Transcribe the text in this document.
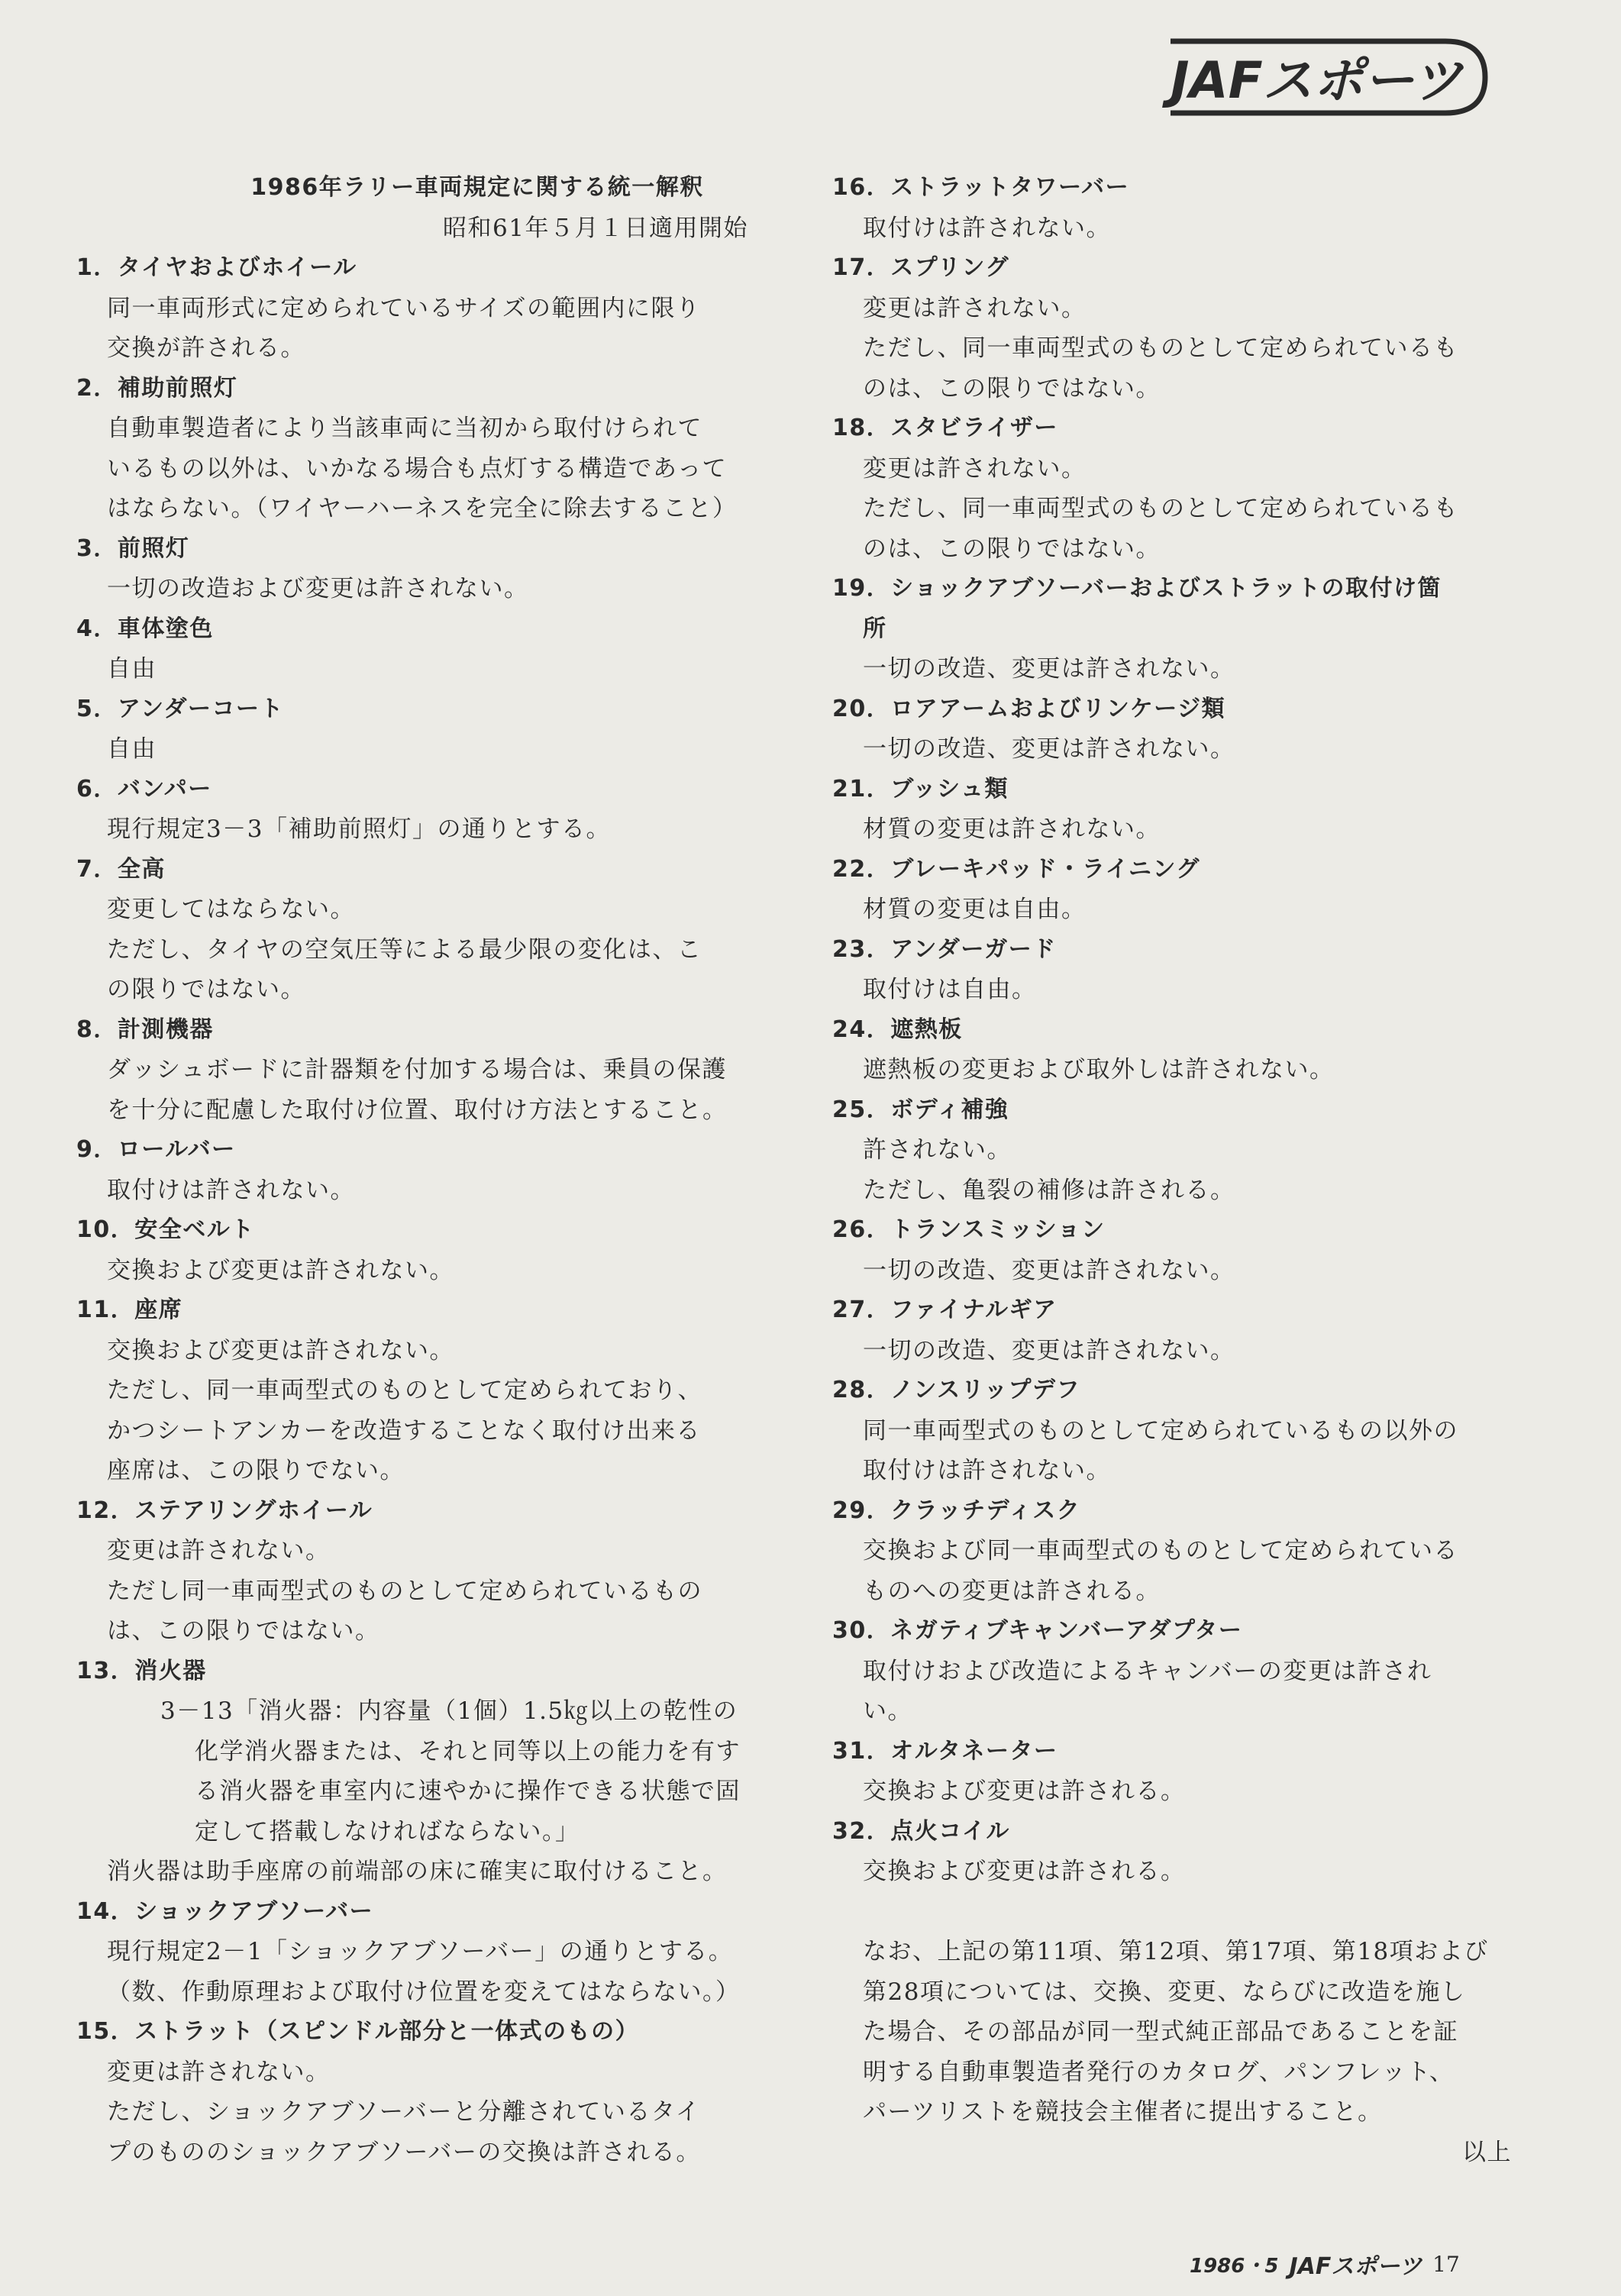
JAFスポーツ
1986年ラリー車両規定に関する統一解釈
昭和61年５月１日適用開始
1．タイヤおよびホイール
同一車両形式に定められているサイズの範囲内に限り
交換が許される。
2．補助前照灯
自動車製造者により当該車両に当初から取付けられて
いるもの以外は、いかなる場合も点灯する構造であって
はならない。（ワイヤーハーネスを完全に除去すること）
3．前照灯
一切の改造および変更は許されない。
4．車体塗色
自由
5．アンダーコート
自由
6．バンパー
現行規定3－3「補助前照灯」の通りとする。
7．全高
変更してはならない。
ただし、タイヤの空気圧等による最少限の変化は、こ
の限りではない。
8．計測機器
ダッシュボードに計器類を付加する場合は、乗員の保護
を十分に配慮した取付け位置、取付け方法とすること。
9．ロールバー
取付けは許されない。
10．安全ベルト
交換および変更は許されない。
11．座席
交換および変更は許されない。
ただし、同一車両型式のものとして定められており、
かつシートアンカーを改造することなく取付け出来る
座席は、この限りでない。
12．ステアリングホイール
変更は許されない。
ただし同一車両型式のものとして定められているもの
は、この限りではない。
13．消火器
3－13「消火器：内容量（1個）1.5㎏以上の乾性の
化学消火器または、それと同等以上の能力を有す
る消火器を車室内に速やかに操作できる状態で固
定して搭載しなければならない。」
消火器は助手座席の前端部の床に確実に取付けること。
14．ショックアブソーバー
現行規定2－1「ショックアブソーバー」の通りとする。
（数、作動原理および取付け位置を変えてはならない。）
15．ストラット（スピンドル部分と一体式のもの）
変更は許されない。
ただし、ショックアブソーバーと分離されているタイ
プのもののショックアブソーバーの交換は許される。
16．ストラットタワーバー
取付けは許されない。
17．スプリング
変更は許されない。
ただし、同一車両型式のものとして定められているも
のは、この限りではない。
18．スタビライザー
変更は許されない。
ただし、同一車両型式のものとして定められているも
のは、この限りではない。
19．ショックアブソーバーおよびストラットの取付け箇
所
一切の改造、変更は許されない。
20．ロアアームおよびリンケージ類
一切の改造、変更は許されない。
21．ブッシュ類
材質の変更は許されない。
22．ブレーキパッド・ライニング
材質の変更は自由。
23．アンダーガード
取付けは自由。
24．遮熱板
遮熱板の変更および取外しは許されない。
25．ボディ補強
許されない。
ただし、亀裂の補修は許される。
26．トランスミッション
一切の改造、変更は許されない。
27．ファイナルギア
一切の改造、変更は許されない。
28．ノンスリップデフ
同一車両型式のものとして定められているもの以外の
取付けは許されない。
29．クラッチディスク
交換および同一車両型式のものとして定められている
ものへの変更は許される。
30．ネガティブキャンバーアダプター
取付けおよび改造によるキャンバーの変更は許され
い。
31．オルタネーター
交換および変更は許される。
32．点火コイル
交換および変更は許される。
なお、上記の第11項、第12項、第17項、第18項および
第28項については、交換、変更、ならびに改造を施し
た場合、その部品が同一型式純正部品であることを証
明する自動車製造者発行のカタログ、パンフレット、
パーツリストを競技会主催者に提出すること。
以上
1986・5 JAFスポーツ 17
